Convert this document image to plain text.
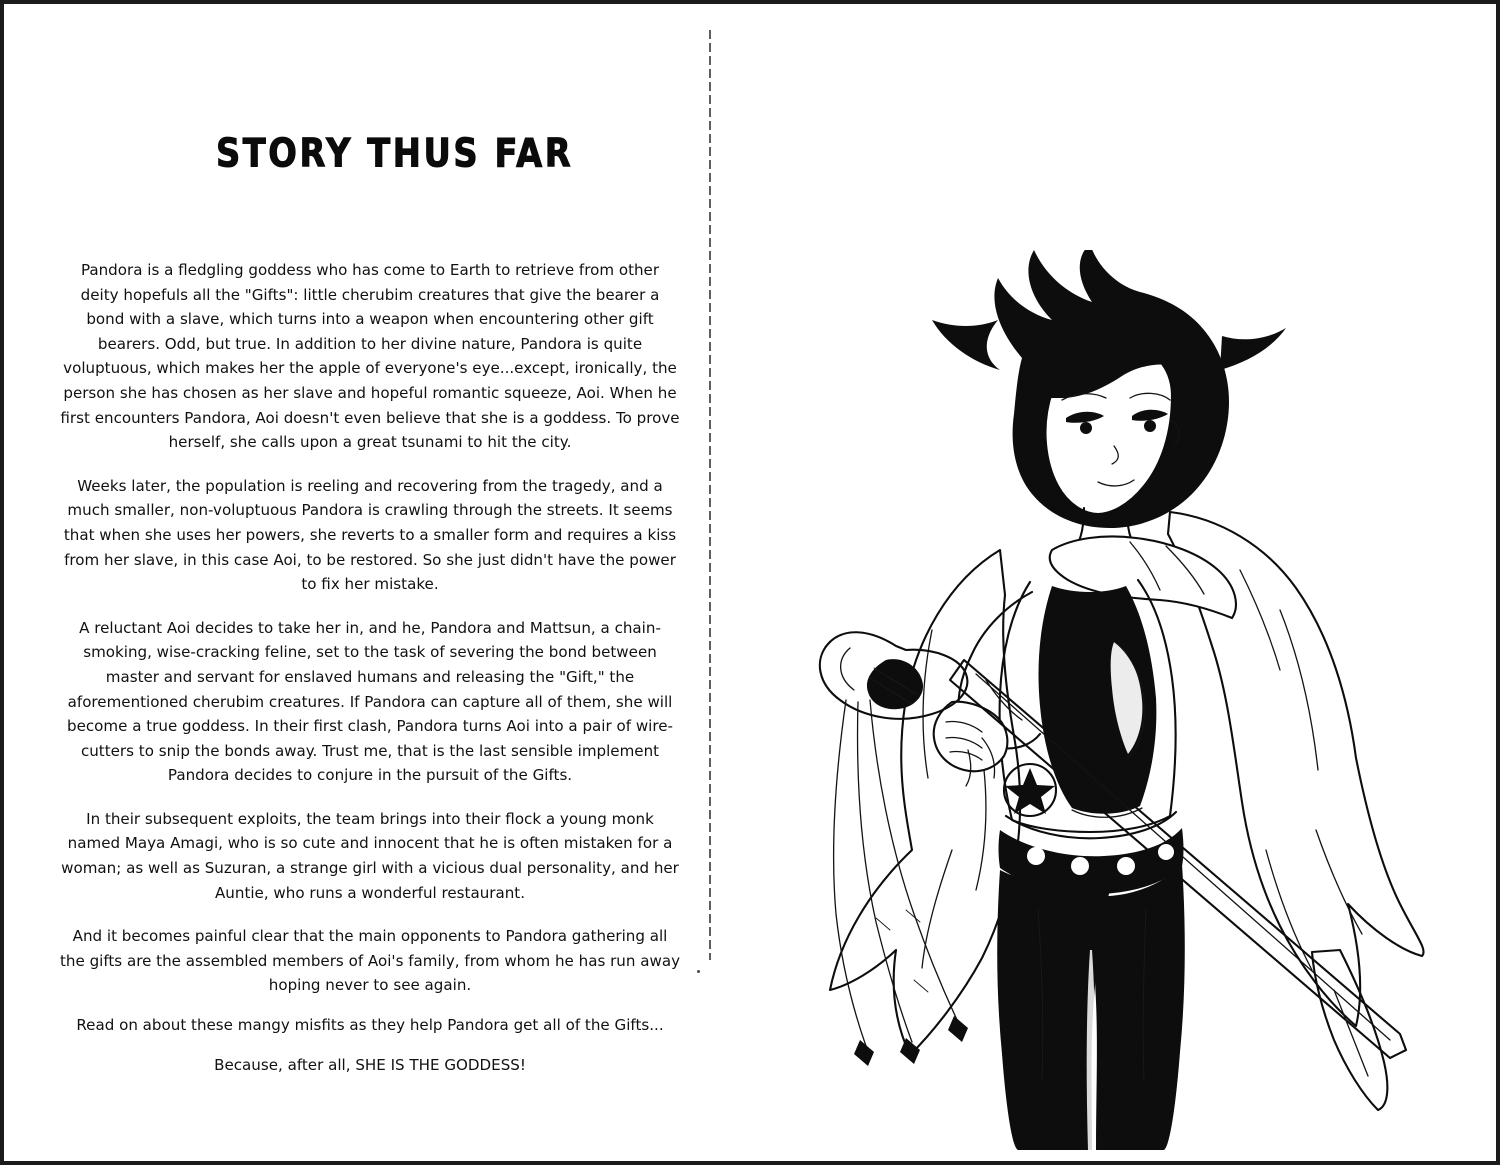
STORY THUS FAR

Pandora is a fledgling goddess who has come to Earth to retrieve from other deity hopefuls all the "Gifts": little cherubim creatures that give the bearer a bond with a slave, which turns into a weapon when encountering other gift bearers. Odd, but true. In addition to her divine nature, Pandora is quite voluptuous, which makes her the apple of everyone's eye...except, ironically, the person she has chosen as her slave and hopeful romantic squeeze, Aoi. When he first encounters Pandora, Aoi doesn't even believe that she is a goddess. To prove herself, she calls upon a great tsunami to hit the city.

Weeks later, the population is reeling and recovering from the tragedy, and a much smaller, non-voluptuous Pandora is crawling through the streets. It seems that when she uses her powers, she reverts to a smaller form and requires a kiss from her slave, in this case Aoi, to be restored. So she just didn't have the power to fix her mistake.

A reluctant Aoi decides to take her in, and he, Pandora and Mattsun, a chain-smoking, wise-cracking feline, set to the task of severing the bond between master and servant for enslaved humans and releasing the "Gift," the aforementioned cherubim creatures. If Pandora can capture all of them, she will become a true goddess. In their first clash, Pandora turns Aoi into a pair of wire-cutters to snip the bonds away. Trust me, that is the last sensible implement Pandora decides to conjure in the pursuit of the Gifts.

In their subsequent exploits, the team brings into their flock a young monk named Maya Amagi, who is so cute and innocent that he is often mistaken for a woman; as well as Suzuran, a strange girl with a vicious dual personality, and her Auntie, who runs a wonderful restaurant.

And it becomes painful clear that the main opponents to Pandora gathering all the gifts are the assembled members of Aoi's family, from whom he has run away hoping never to see again.

Read on about these mangy misfits as they help Pandora get all of the Gifts...

Because, after all, SHE IS THE GODDESS!
